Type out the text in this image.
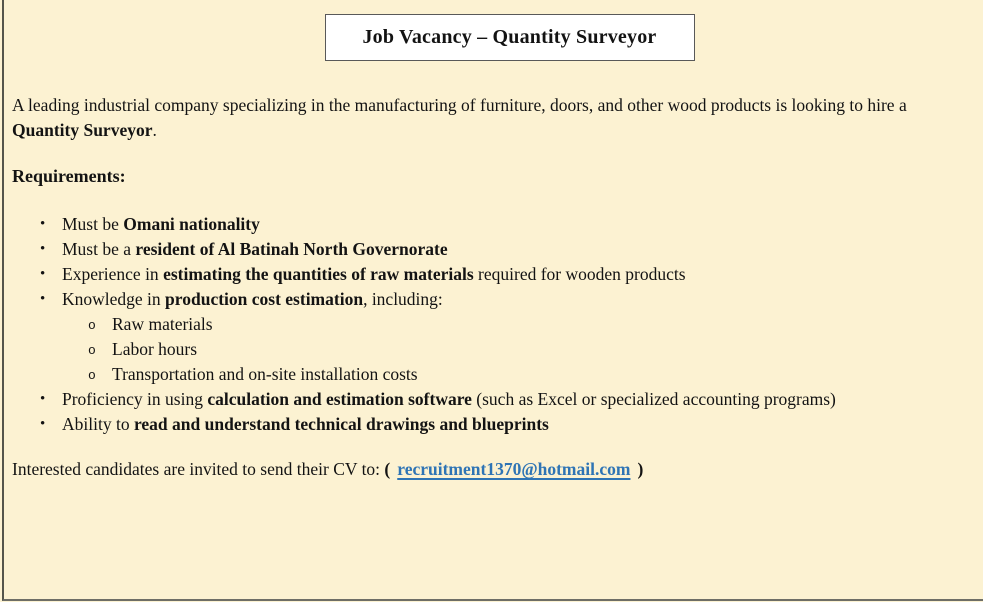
Job Vacancy – Quantity Surveyor

A leading industrial company specializing in the manufacturing of furniture, doors, and other wood products is looking to hire a Quantity Surveyor.

Requirements:

• Must be Omani nationality
• Must be a resident of Al Batinah North Governorate
• Experience in estimating the quantities of raw materials required for wooden products
• Knowledge in production cost estimation, including:
o Raw materials
o Labor hours
o Transportation and on-site installation costs
• Proficiency in using calculation and estimation software (such as Excel or specialized accounting programs)
• Ability to read and understand technical drawings and blueprints

Interested candidates are invited to send their CV to: ( recruitment1370@hotmail.com )
